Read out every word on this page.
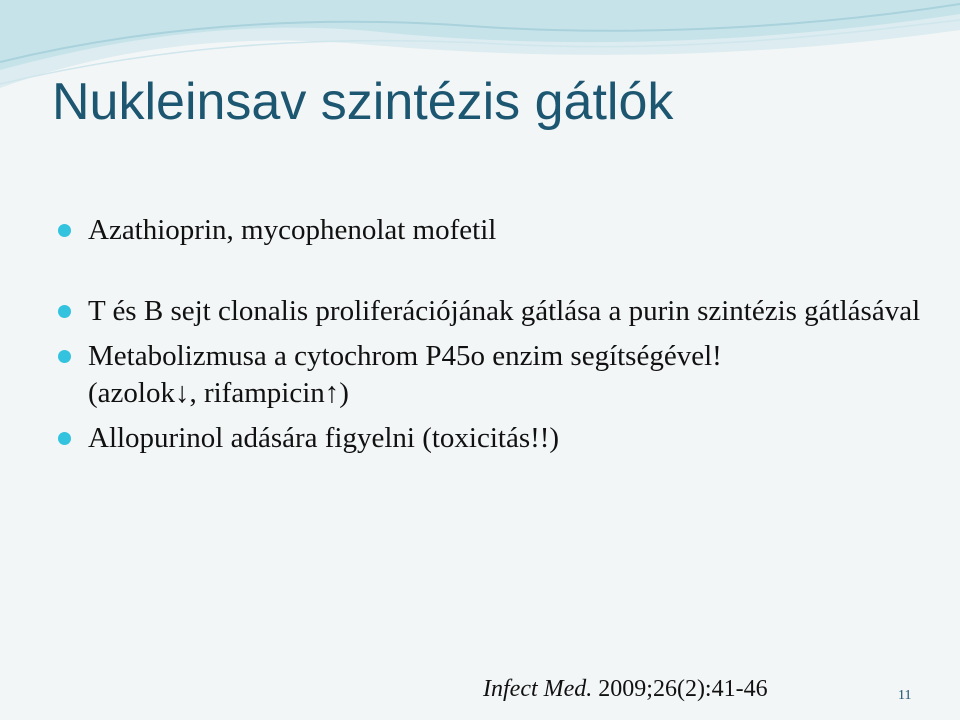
Nukleinsav szintézis gátlók
Azathioprin, mycophenolat mofetil
T és B sejt clonalis proliferációjának gátlása a purin szintézis gátlásával
Metabolizmusa a cytochrom P45o enzim segítségével!
(azolok↓, rifampicin↑)
Allopurinol adására figyelni (toxicitás!!)
Infect Med. 2009;26(2):41-46	11
